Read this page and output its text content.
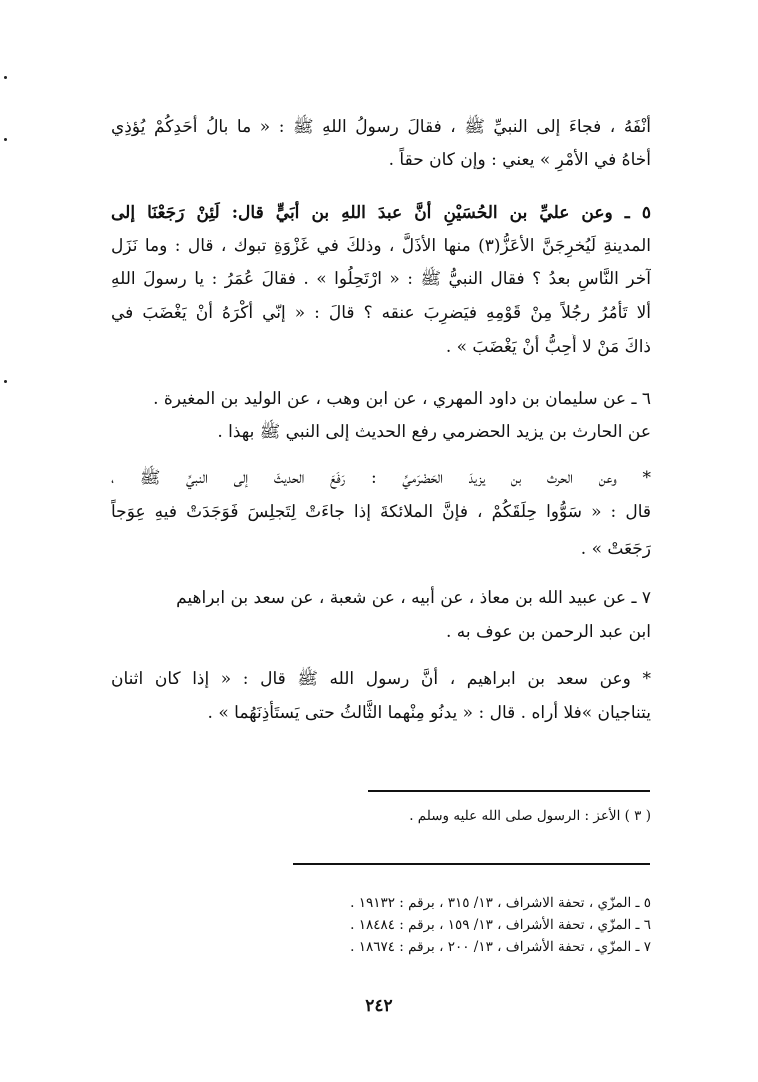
أنْفَهُ ، فجاءَ إلى النبيِّ ﷺ ، فقالَ رسولُ اللهِ ﷺ : « ما بالُ أحَدِكُمْ يُؤذِي
أخاهُ في الأمْرِ » يعني : وإن كان حقاً .
٥ ـ وعن عليِّ بن الحُسَيْنِ أنَّ عبدَ اللهِ بن أبَيٍّ قال: لَئِنْ رَجَعْنَا إلى
المدينةِ لَيُخرِجَنَّ الأعَزُّ(٣) منها الأذَلَّ ، وذلكَ في غَزْوَةِ تبوك ، قال : وما نَزَل
آخر النَّاسِ بعدُ ؟ فقال النبيُّ ﷺ : « ارْتَحِلُوا » . فقالَ عُمَرُ : يا رسولَ اللهِ
ألا تَأمُرُ رجُلاً مِنْ قَوْمِهِ فيَضرِبَ عنقه ؟ قالَ : « إنّي أكْرَهُ أنْ يَغْضَبَ في
ذاكَ مَنْ لا أُحِبُّ أنْ يَغْضَبَ » .
٦ ـ عن سليمان بن داود المهري ، عن ابن وهب ، عن الوليد بن المغيرة .
عن الحارث بن يزيد الحضرمي رفع الحديث إلى النبي ﷺ بهذا .
* وعن الحرث بن يزيدَ الحَضْرَميِّ : رَفَعَ الحديثَ إلى النبيِّ ﷺ ،
قال : « سَوُّوا حِلَقَكُمْ ، فإنَّ الملائكةَ إذا جاءَتْ لِتَجلِسَ فَوَجَدَتْ فيهِ عِوَجاً
رَجَعَتْ » .
٧ ـ عن عبيد الله بن معاذ ، عن أبيه ، عن شعبة ، عن سعد بن ابراهيم
ابن عبد الرحمن بن عوف به .
* وعن سعد بن ابراهيم ، أنَّ رسول الله ﷺ قال : « إذا كان اثنان
يتناجيان »فلا أراه . قال : « يدنُو مِنْهما الثَّالثُ حتى يَستَأذِنَهُما » .
( ٣ ) الأعز : الرسول صلى الله عليه وسلم .
٥ ـ المزّي ، تحفة الاشراف ، ١٣/ ٣١٥ ، برقم : ١٩١٣٢ .
٦ ـ المزّي ، تحفة الأشراف ، ١٣/ ١٥٩ ، برقم : ١٨٤٨٤ .
٧ ـ المزّي ، تحفة الأشراف ، ١٣/ ٢٠٠ ، برقم : ١٨٦٧٤ .
٢٤٢
